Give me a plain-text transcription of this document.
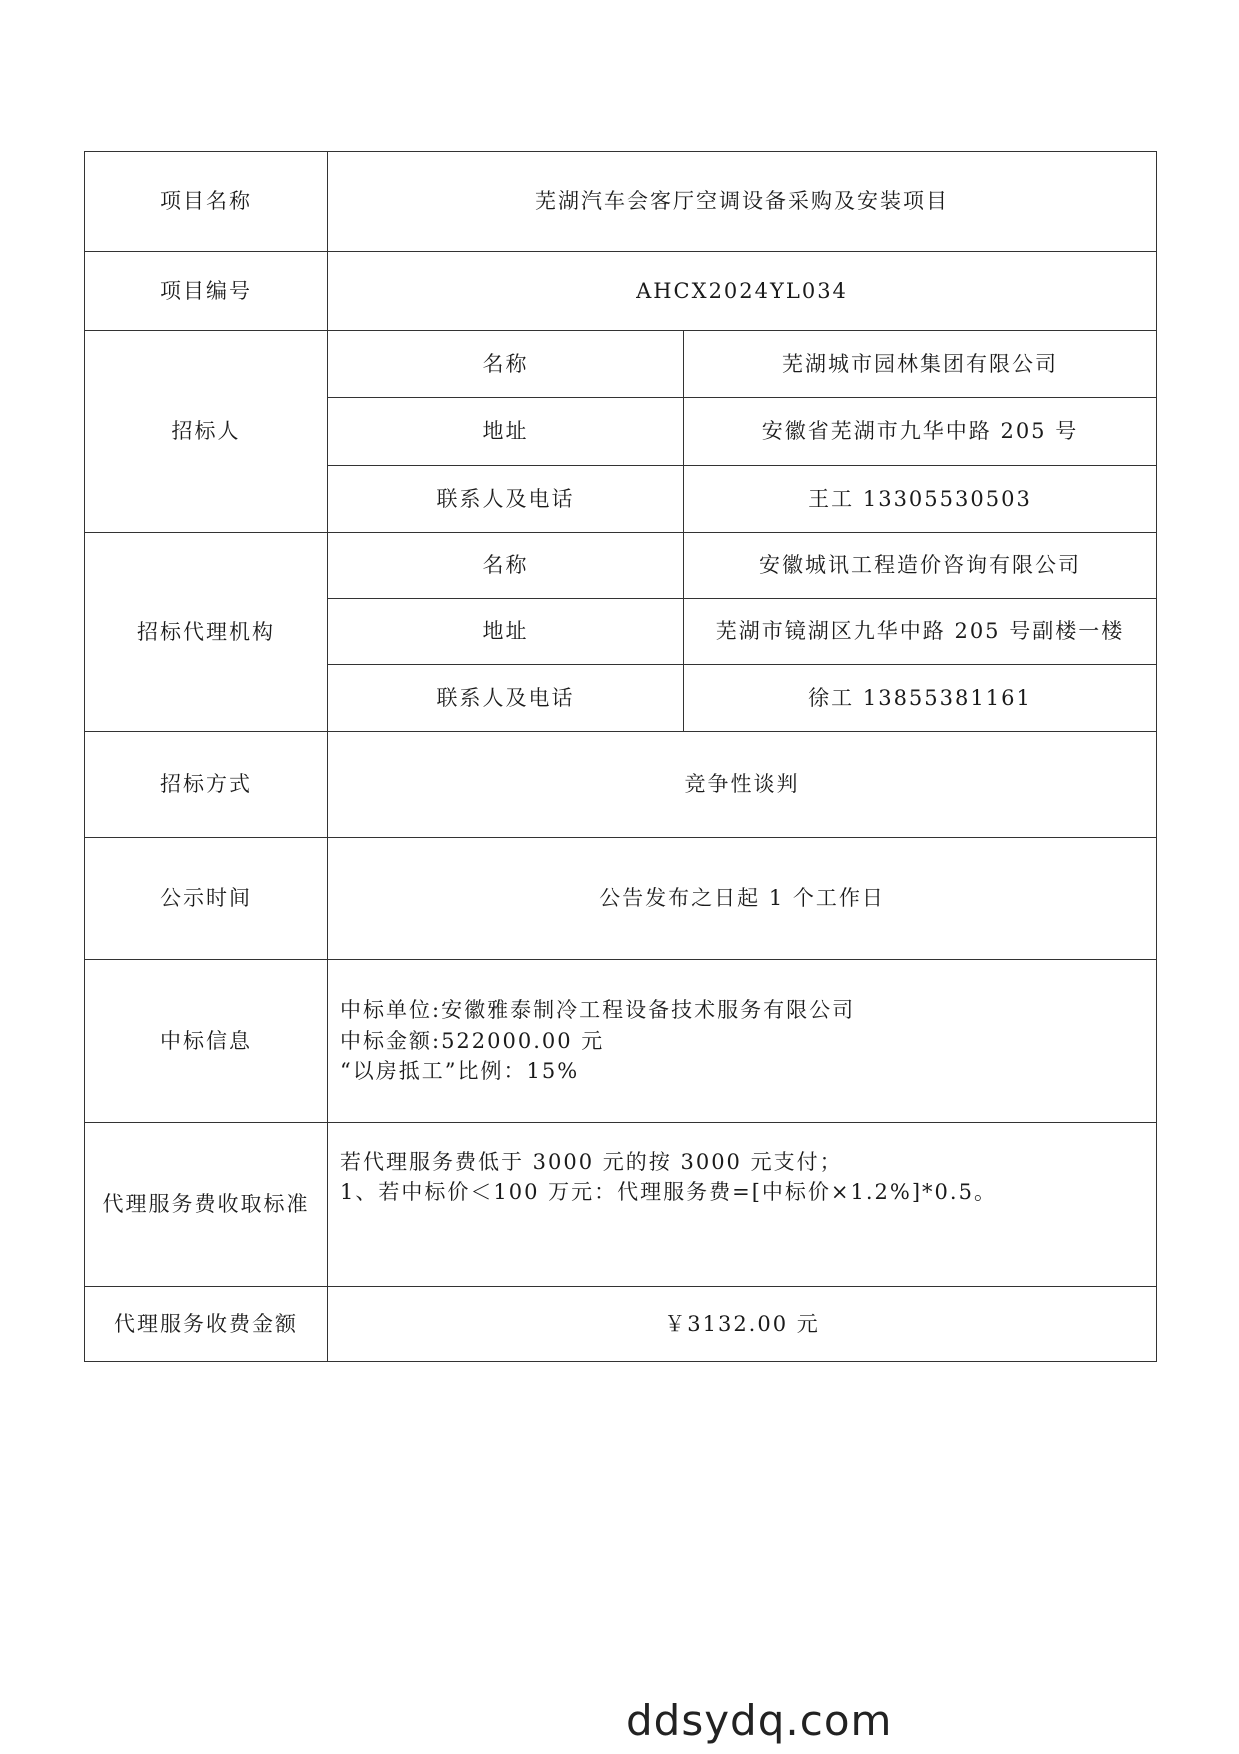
项目名称	芜湖汽车会客厅空调设备采购及安装项目	
项目编号	AHCX2024YL034	
招标人	名称	芜湖城市园林集团有限公司
	地址	安徽省芜湖市九华中路 205 号
	联系人及电话	王工 13305530503
招标代理机构	名称	安徽城讯工程造价咨询有限公司
	地址	芜湖市镜湖区九华中路 205 号副楼一楼
	联系人及电话	徐工 13855381161
招标方式	竞争性谈判	
公示时间	公告发布之日起 1 个工作日	
中标信息	中标单位:安徽雅泰制冷工程设备技术服务有限公司
中标金额:522000.00 元
“以房抵工”比例：15%	

代理服务费收取标准	若代理服务费低于 3000 元的按 3000 元支付；
1、若中标价＜100 万元：代理服务费=[中标价×1.2%]*0.5。	

代理服务收费金额	￥3132.00 元	
ddsydq.com
